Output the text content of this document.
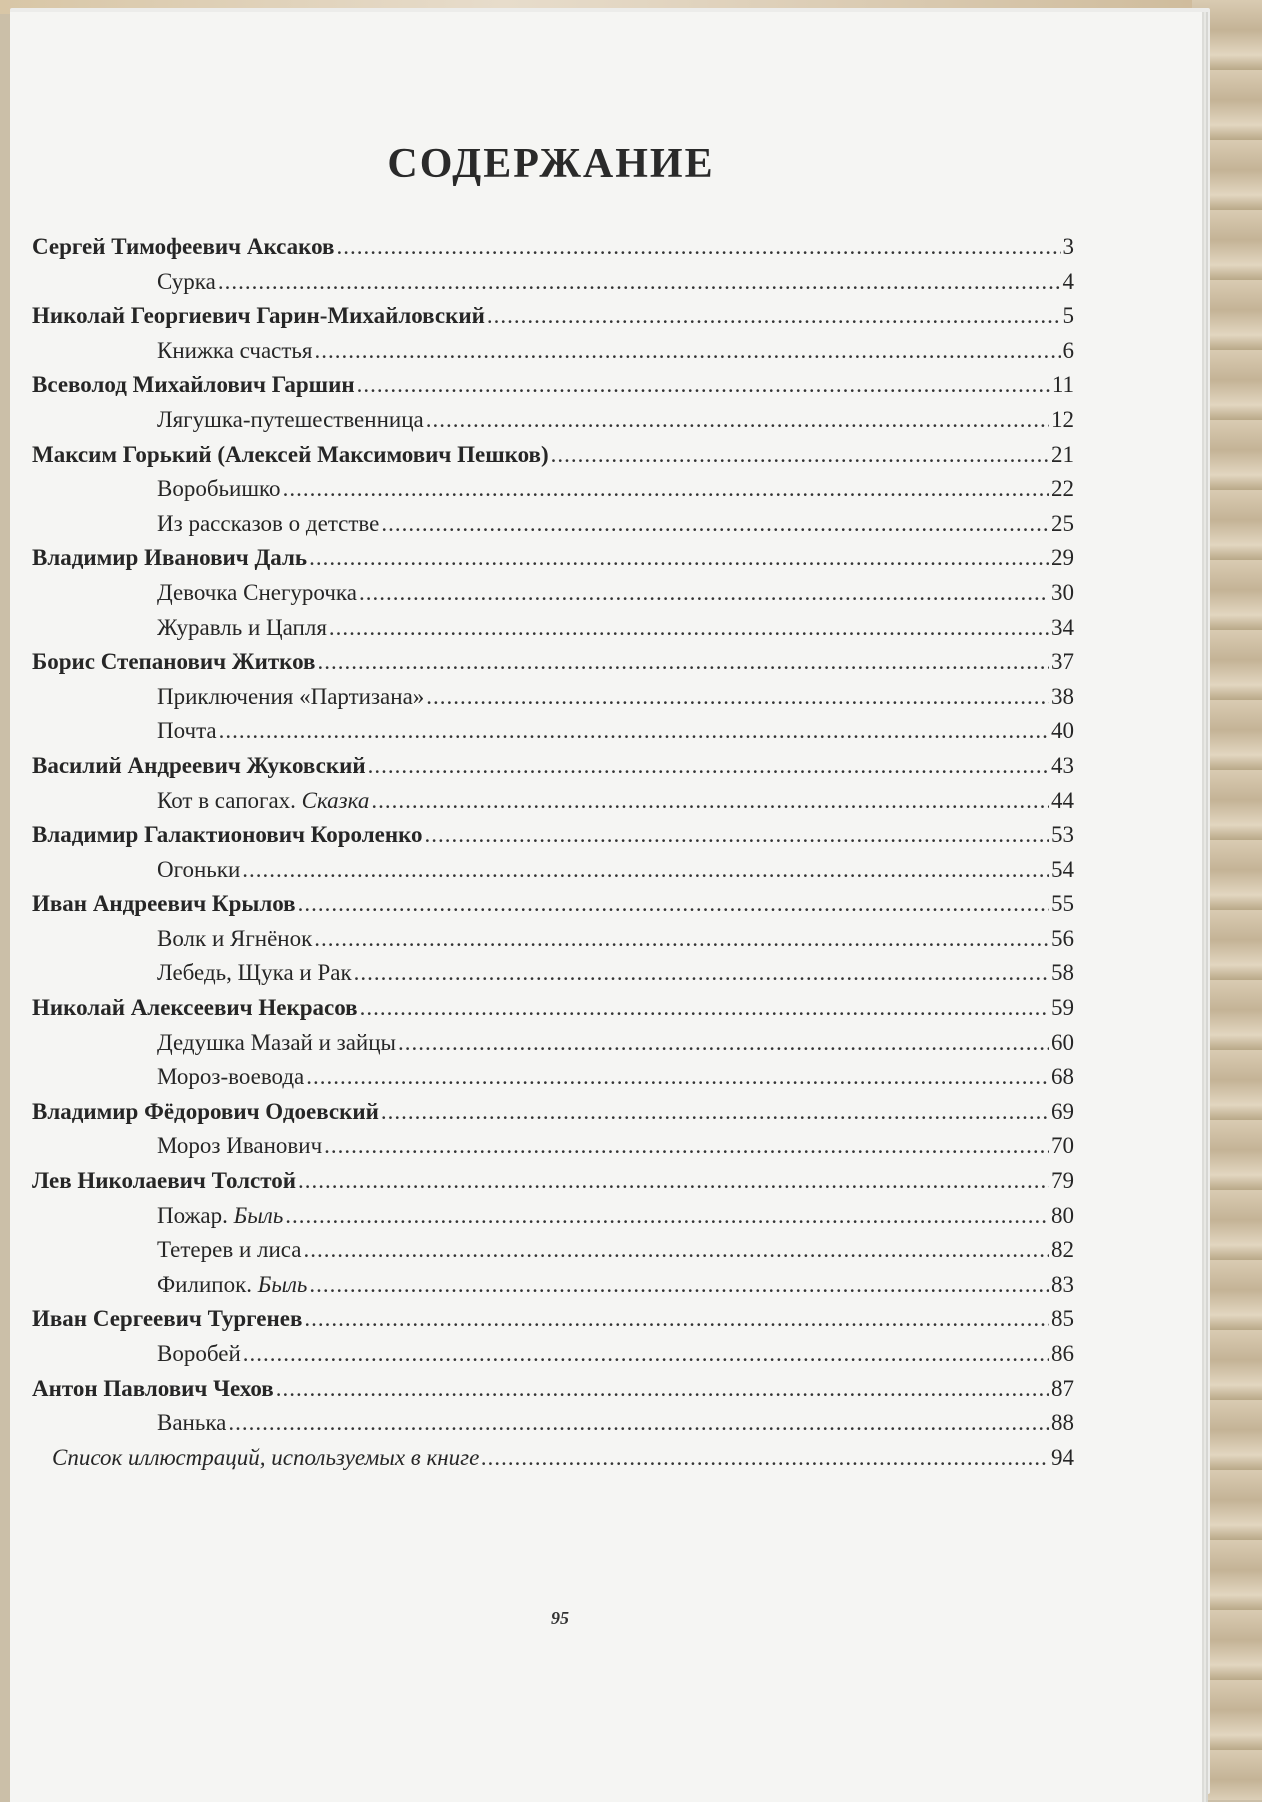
СОДЕРЖАНИЕ
Сергей Тимофеевич Аксаков .....	3
Сурка .....	4
Николай Георгиевич Гарин-Михайловский .....	5
Книжка счастья .....	6
Всеволод Михайлович Гаршин .....	11
Лягушка-путешественница .....	12
Максим Горький (Алексей Максимович Пешков) .....	21
Воробьишко .....	22
Из рассказов о детстве .....	25
Владимир Иванович Даль .....	29
Девочка Снегурочка .....	30
Журавль и Цапля .....	34
Борис Степанович Житков .....	37
Приключения «Партизана» .....	38
Почта .....	40
Василий Андреевич Жуковский .....	43
Кот в сапогах. Сказка .....	44
Владимир Галактионович Короленко .....	53
Огоньки .....	54
Иван Андреевич Крылов .....	55
Волк и Ягнёнок .....	56
Лебедь, Щука и Рак .....	58
Николай Алексеевич Некрасов .....	59
Дедушка Мазай и зайцы .....	60
Мороз-воевода .....	68
Владимир Фёдорович Одоевский .....	69
Мороз Иванович .....	70
Лев Николаевич Толстой .....	79
Пожар. Быль .....	80
Тетерев и лиса .....	82
Филипок. Быль .....	83
Иван Сергеевич Тургенев .....	85
Воробей .....	86
Антон Павлович Чехов .....	87
Ванька .....	88
Список иллюстраций, используемых в книге .....	94
95
